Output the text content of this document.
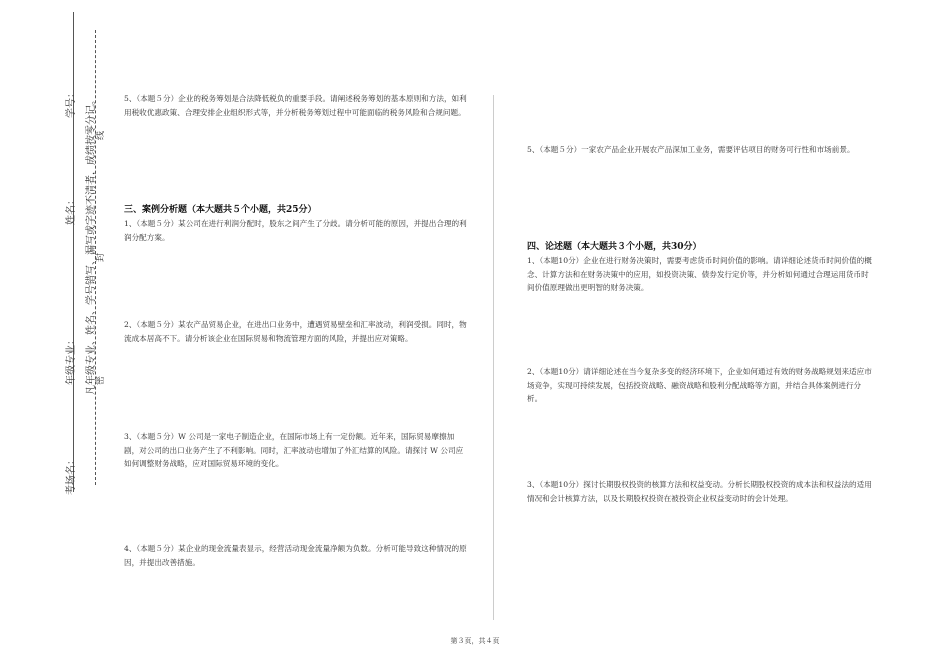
学号：
姓名：
年级专业：
考场名：
凡年级专业、姓名、学号错写、漏写或字迹不清者，成绩按零分记。 密
封
线

5、（本题５分）企业的税务筹划是合法降低税负的重要手段。请阐述税务筹划的基本原则和方法，如利用税收优惠政策、合理安排企业组织形式等，并分析税务筹划过程中可能面临的税务风险和合规问题。

三、案例分析题（本大题共５个小题，共25分）

1、（本题５分）某公司在进行利润分配时，股东之间产生了分歧。请分析可能的原因，并提出合理的利润分配方案。

2、（本题５分）某农产品贸易企业，在进出口业务中，遭遇贸易壁垒和汇率波动，利润受损。同时，物流成本居高不下。请分析该企业在国际贸易和物流管理方面的风险，并提出应对策略。

3、（本题５分）W 公司是一家电子制造企业，在国际市场上有一定份额。近年来，国际贸易摩擦加剧，对公司的出口业务产生了不利影响。同时，汇率波动也增加了外汇结算的风险。请探讨 W 公司应如何调整财务战略，应对国际贸易环境的变化。

4、（本题５分）某企业的现金流量表显示，经营活动现金流量净额为负数。分析可能导致这种情况的原因，并提出改善措施。

5、（本题５分）一家农产品企业开展农产品深加工业务，需要评估项目的财务可行性和市场前景。

四、论述题（本大题共３个小题，共30分）

1、（本题10分）企业在进行财务决策时，需要考虑货币时间价值的影响。请详细论述货币时间价值的概念、计算方法和在财务决策中的应用，如投资决策、债券发行定价等，并分析如何通过合理运用货币时间价值原理做出更明智的财务决策。

2、（本题10分）请详细论述在当今复杂多变的经济环境下，企业如何通过有效的财务战略规划来适应市场竞争，实现可持续发展，包括投资战略、融资战略和股利分配战略等方面，并结合具体案例进行分析。

3、（本题10分）探讨长期股权投资的核算方法和权益变动。分析长期股权投资的成本法和权益法的适用情况和会计核算方法，以及长期股权投资在被投资企业权益变动时的会计处理。

第３页，共４页
